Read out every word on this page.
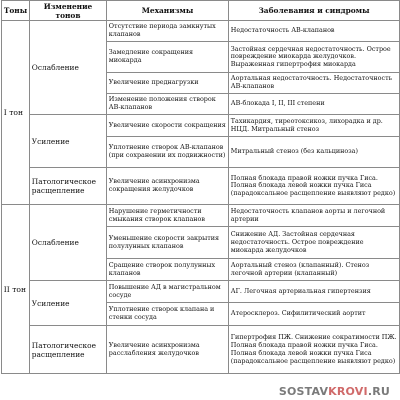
Тоны	Изменение тонов	Механизмы	Заболевания и синдромы
I тон	Ослабление	Отсутствие периода замкнутых клапанов	Недостаточность АВ-клапанов
		Замедление сокращения миокарда	Застойная сердечная недостаточность. Острое повреждение миокарда желудочков. Выраженная гипертрофия миокарда
		Увеличение преднагрузки	Аортальная недостаточность. Недостаточность АВ-клапанов
		Изменение положения створок АВ-клапанов	АВ-блокада I, II, III степени
	Усиление	Увеличение скорости сокращения	Тахикардия, тиреотоксикоз, лихорадка и др. НЦД. Митральный стеноз
		Уплотнение створок АВ-клапанов (при сохранении их подвижности)	Митральный стеноз (без кальциноза)
	Патологическое расщепление	Увеличение асинхронизма сокращения желудочков	Полная блокада правой ножки пучка Гиса. Полная блокада левой ножки пучка Гиса (парадоксальное расщепление выявляют редко)
II тон	Ослабление	Нарушение герметичности смыкания створок клапанов	Недостаточность клапанов аорты и легочной артерии
		Уменьшение скорости закрытия полулунных клапанов	Снижение АД. Застойная сердечная недостаточность. Острое повреждение миокарда желудочков
		Сращение створок полулунных клапанов	Аортальный стеноз (клапанный). Стеноз легочной артерии (клапанный)
	Усиление	Повышение АД в магистральном сосуде	АГ. Легочная артериальная гипертензия
		Уплотнение створок клапана и стенки сосуда	Атеросклероз. Сифилитический аортит
	Патологическое расщепление	Увеличение асинхронизма расслабления желудочков	Гипертрофия ПЖ. Снижение сократимости ПЖ. Полная блокада правой ножки пучка Гиса. Полная блокада левой ножки пучка Гиса (парадоксальное расщепление выявляют редко)
SOSTAVKROVI.RU
